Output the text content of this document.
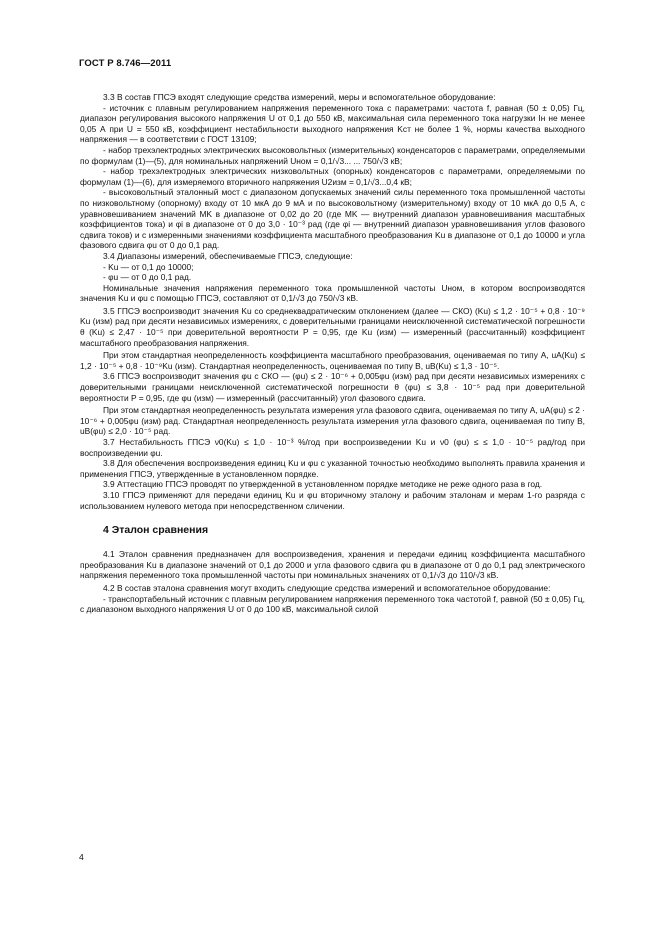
ГОСТ Р 8.746—2011

3.3 В состав ГПСЭ входят следующие средства измерений, меры и вспомогательное оборудование:

- источник с плавным регулированием напряжения переменного тока с параметрами: частота f, равная (50 ± 0,05) Гц, диапазон регулирования высокого напряжения U от 0,1 до 550 кВ, максимальная сила переменного тока нагрузки Iн не менее 0,05 А при U = 550 кВ, коэффициент нестабильности выходного напряжения Kст не более 1 %, нормы качества выходного напряжения — в соответствии с ГОСТ 13109;

- набор трехэлектродных электрических высоковольтных (измерительных) конденсаторов с параметрами, определяемыми по формулам (1)—(5), для номинальных напряжений Uном = 0,1/√3... ... 750/√3 кВ;

- набор трехэлектродных электрических низковольтных (опорных) конденсаторов с параметрами, определяемыми по формулам (1)—(6), для измеряемого вторичного напряжения U2изм = 0,1/√3...0,4 кВ;

- высоковольтный эталонный мост с диапазоном допускаемых значений силы переменного тока промышленной частоты по низковольтному (опорному) входу от 10 мкА до 9 мА и по высоковольтному (измерительному) входу от 10 мкА до 0,5 А, с уравновешиванием значений MK в диапазоне от 0,02 до 20 (где MK — внутренний диапазон уравновешивания масштабных коэффициентов тока) и φi в диапазоне от 0 до 3,0 · 10⁻³ рад (где φi — внутренний диапазон уравновешивания углов фазового сдвига токов) и с измеренными значениями коэффициента масштабного преобразования Ku в диапазоне от 0,1 до 10000 и угла фазового сдвига φu от 0 до 0,1 рад.

3.4 Диапазоны измерений, обеспечиваемые ГПСЭ, следующие:

- Ku — от 0,1 до 10000;

- φu — от 0 до 0,1 рад.

Номинальные значения напряжения переменного тока промышленной частоты Uном, в котором воспроизводятся значения Ku и φu с помощью ГПСЭ, составляют от 0,1/√3 до 750/√3 кВ.

3.5 ГПСЭ воспроизводит значения Ku со среднеквадратическим отклонением (далее — СКО) (Ku) ≤ 1,2 · 10⁻⁵ + 0,8 · 10⁻⁹ Ku (изм) рад при десяти независимых измерениях, с доверительными границами неисключенной систематической погрешности θ (Ku) ≤ 2,47 · 10⁻⁵ при доверительной вероятности P = 0,95, где Ku (изм) — измеренный (рассчитанный) коэффициент масштабного преобразования напряжения.

При этом стандартная неопределенность коэффициента масштабного преобразования, оцениваемая по типу A, uA(Ku) ≤ 1,2 · 10⁻⁵ + 0,8 · 10⁻⁹Ku (изм). Стандартная неопределенность, оцениваемая по типу B, uB(Ku) ≤ 1,3 · 10⁻⁵.

3.6 ГПСЭ воспроизводит значения φu с СКО — (φu) ≤ 2 · 10⁻⁶ + 0,005φu (изм) рад при десяти независимых измерениях с доверительными границами неисключенной систематической погрешности θ (φu) ≤ 3,8 · 10⁻⁵ рад при доверительной вероятности P = 0,95, где φu (изм) — измеренный (рассчитанный) угол фазового сдвига.

При этом стандартная неопределенность результата измерения угла фазового сдвига, оцениваемая по типу A, uA(φu) ≤ 2 · 10⁻⁶ + 0,005φu (изм) рад. Стандартная неопределенность результата измерения угла фазового сдвига, оцениваемая по типу B, uB(φu) ≤ 2,0 · 10⁻⁵ рад.

3.7 Нестабильность ГПСЭ ν0(Ku) ≤ 1,0 · 10⁻³ %/год при воспроизведении Ku и ν0 (φu) ≤ ≤ 1,0 · 10⁻⁵ рад/год при воспроизведении φu.

3.8 Для обеспечения воспроизведения единиц Ku и φu с указанной точностью необходимо выполнять правила хранения и применения ГПСЭ, утвержденные в установленном порядке.

3.9 Аттестацию ГПСЭ проводят по утвержденной в установленном порядке методике не реже одного раза в год.

3.10 ГПСЭ применяют для передачи единиц Ku и φu вторичному эталону и рабочим эталонам и мерам 1-го разряда с использованием нулевого метода при непосредственном сличении.

4 Эталон сравнения

4.1 Эталон сравнения предназначен для воспроизведения, хранения и передачи единиц коэффициента масштабного преобразования Ku в диапазоне значений от 0,1 до 2000 и угла фазового сдвига φu в диапазоне от 0 до 0,1 рад электрического напряжения переменного тока промышленной частоты при номинальных значениях от 0,1/√3 до 110/√3 кВ.

4.2 В состав эталона сравнения могут входить следующие средства измерений и вспомогательное оборудование:

- транспортабельный источник с плавным регулированием напряжения переменного тока частотой f, равной (50 ± 0,05) Гц, с диапазоном выходного напряжения U от 0 до 100 кВ, максимальной силой

4
